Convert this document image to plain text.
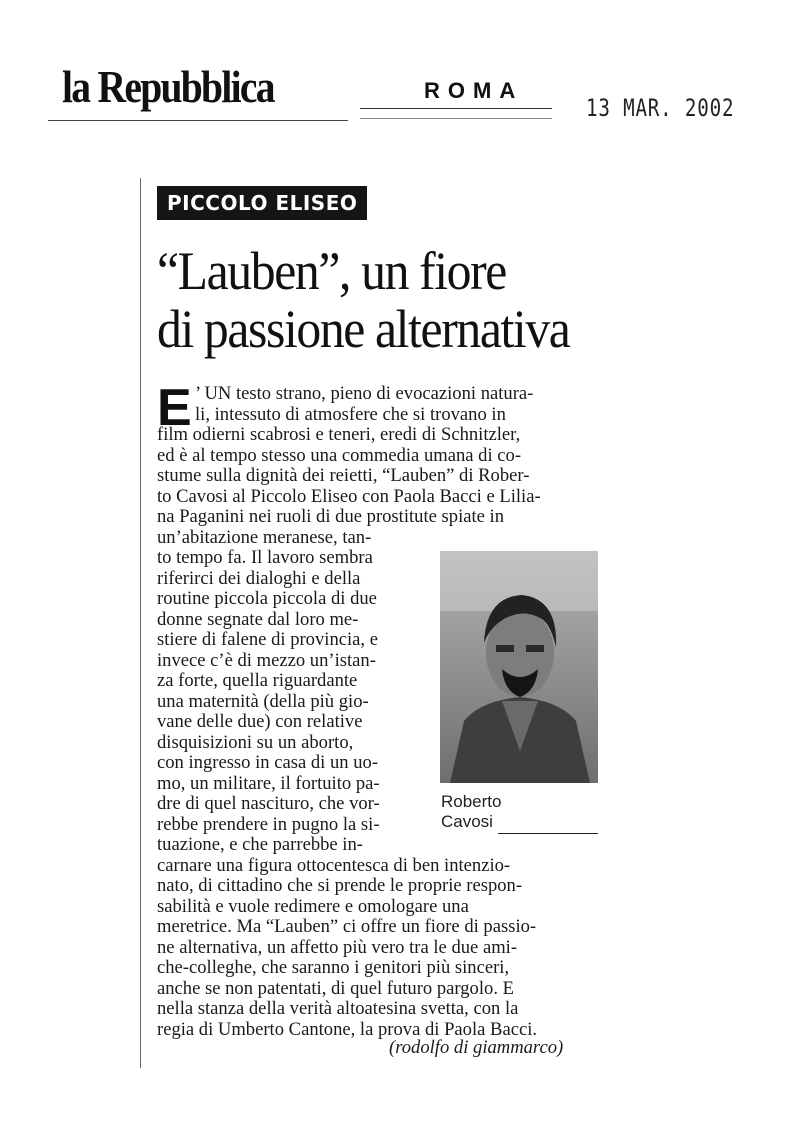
la Repubblica	ROMA
13 MAR. 2002
PICCOLO ELISEO
“Lauben”, un fiore
di passione alternativa
E ’ UN testo strano, pieno di evocazioni natura-
li, intessuto di atmosfere che si trovano in
film odierni scabrosi e teneri, eredi di Schnitzler,
ed è al tempo stesso una commedia umana di co-
stume sulla dignità dei reietti, “Lauben” di Rober-
to Cavosi al Piccolo Eliseo con Paola Bacci e Lilia-
na Paganini nei ruoli di due prostitute spiate in
un’abitazione meranese, tan-
to tempo fa. Il lavoro sembra
riferirci dei dialoghi e della
routine piccola piccola di due
donne segnate dal loro me-
stiere di falene di provincia, e
invece c’è di mezzo un’istan-
za forte, quella riguardante
una maternità (della più gio-
vane delle due) con relative
disquisizioni su un aborto,
con ingresso in casa di un uo-
mo, un militare, il fortuito pa-
dre di quel nascituro, che vor-
rebbe prendere in pugno la si-
tuazione, e che parrebbe in-
carnare una figura ottocentesca di ben intenzio-
nato, di cittadino che si prende le proprie respon-
sabilità e vuole redimere e omologare una
meretrice. Ma “Lauben” ci offre un fiore di passio-
ne alternativa, un affetto più vero tra le due ami-
che-colleghe, che saranno i genitori più sinceri,
anche se non patentati, di quel futuro pargolo. E
nella stanza della verità altoatesina svetta, con la
regia di Umberto Cantone, la prova di Paola Bacci.
Roberto
Cavosi
(rodolfo di giammarco)
